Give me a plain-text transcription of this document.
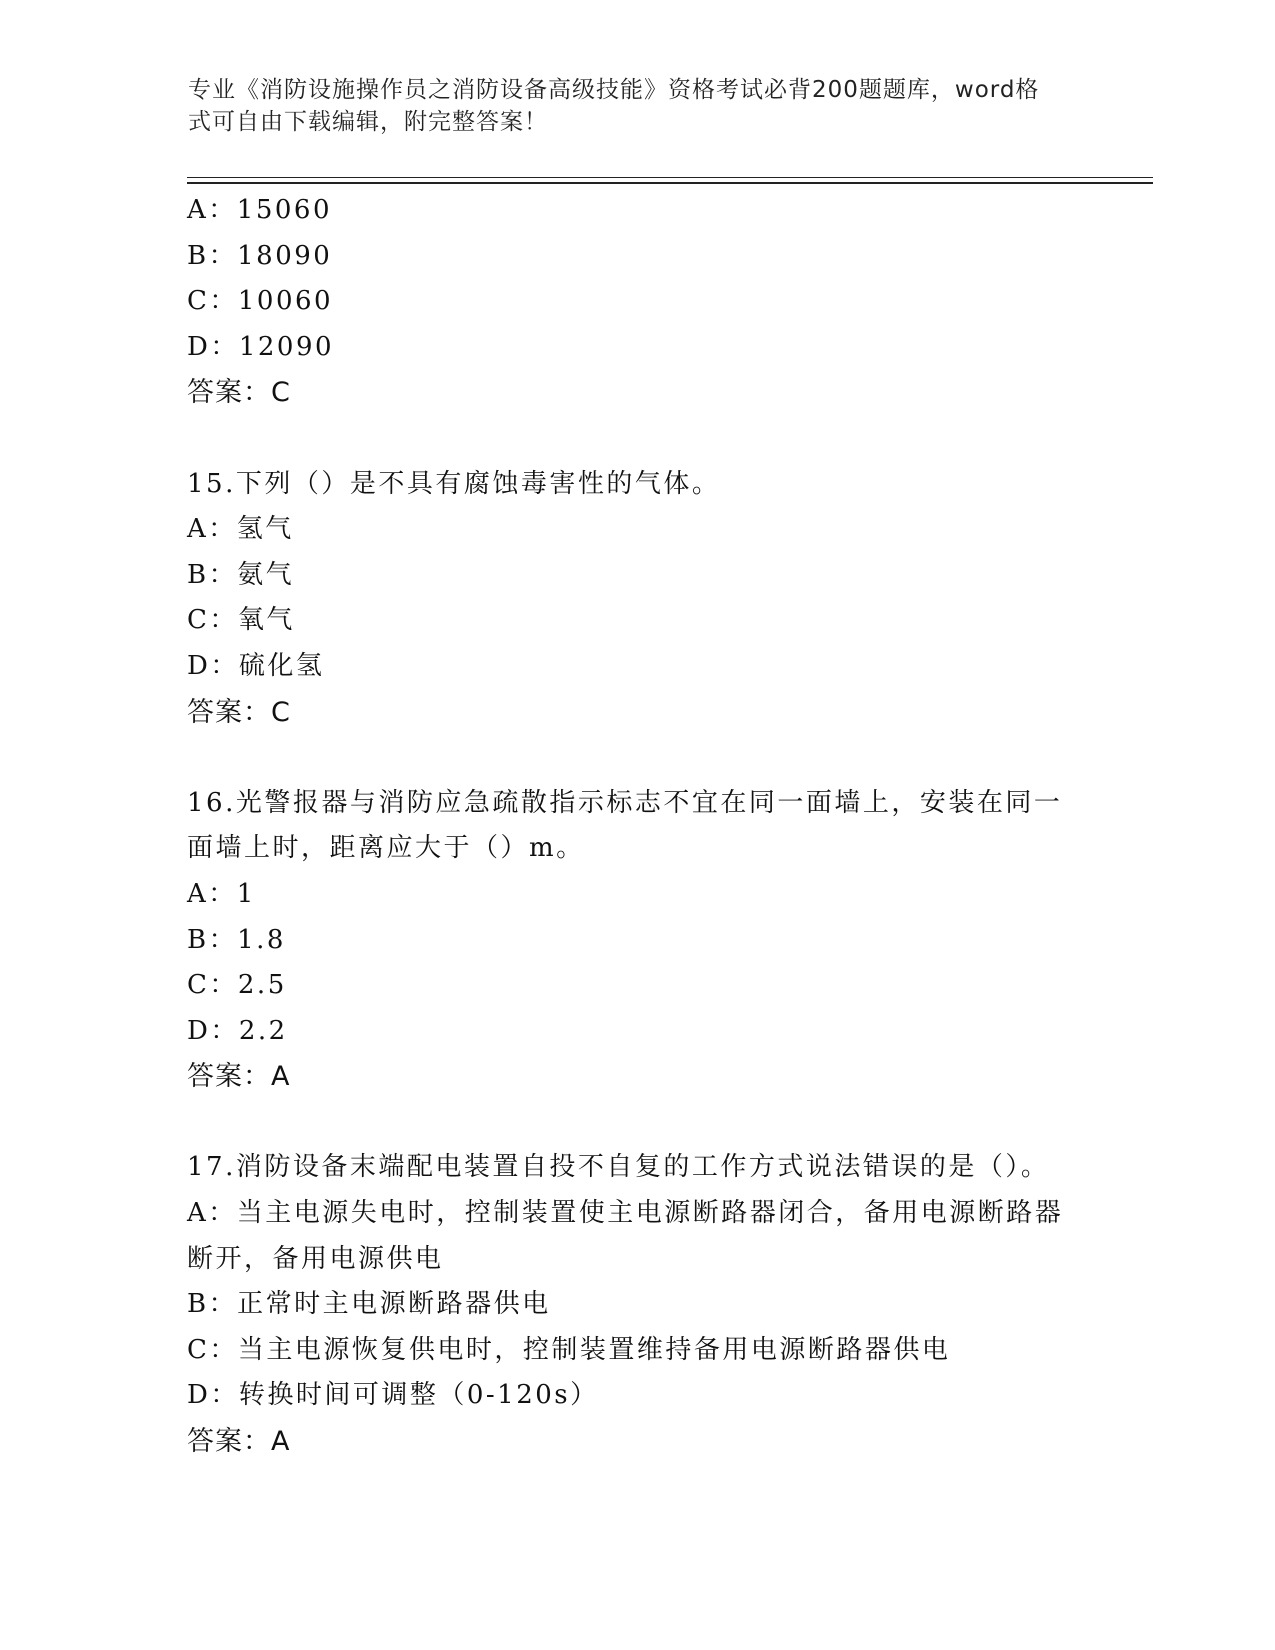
专业《消防设施操作员之消防设备高级技能》资格考试必背200题题库，word格
式可自由下载编辑，附完整答案！
A：15060
B：18090
C：10060
D：12090
答案：C
15.下列（）是不具有腐蚀毒害性的气体。
A：氢气
B：氨气
C：氧气
D：硫化氢
答案：C
16.光警报器与消防应急疏散指示标志不宜在同一面墙上，安装在同一
面墙上时，距离应大于（）m。
A：1
B：1.8
C：2.5
D：2.2
答案：A
17.消防设备末端配电装置自投不自复的工作方式说法错误的是（）。
A：当主电源失电时，控制装置使主电源断路器闭合，备用电源断路器
断开，备用电源供电
B：正常时主电源断路器供电
C：当主电源恢复供电时，控制装置维持备用电源断路器供电
D：转换时间可调整（0-120s）
答案：A
